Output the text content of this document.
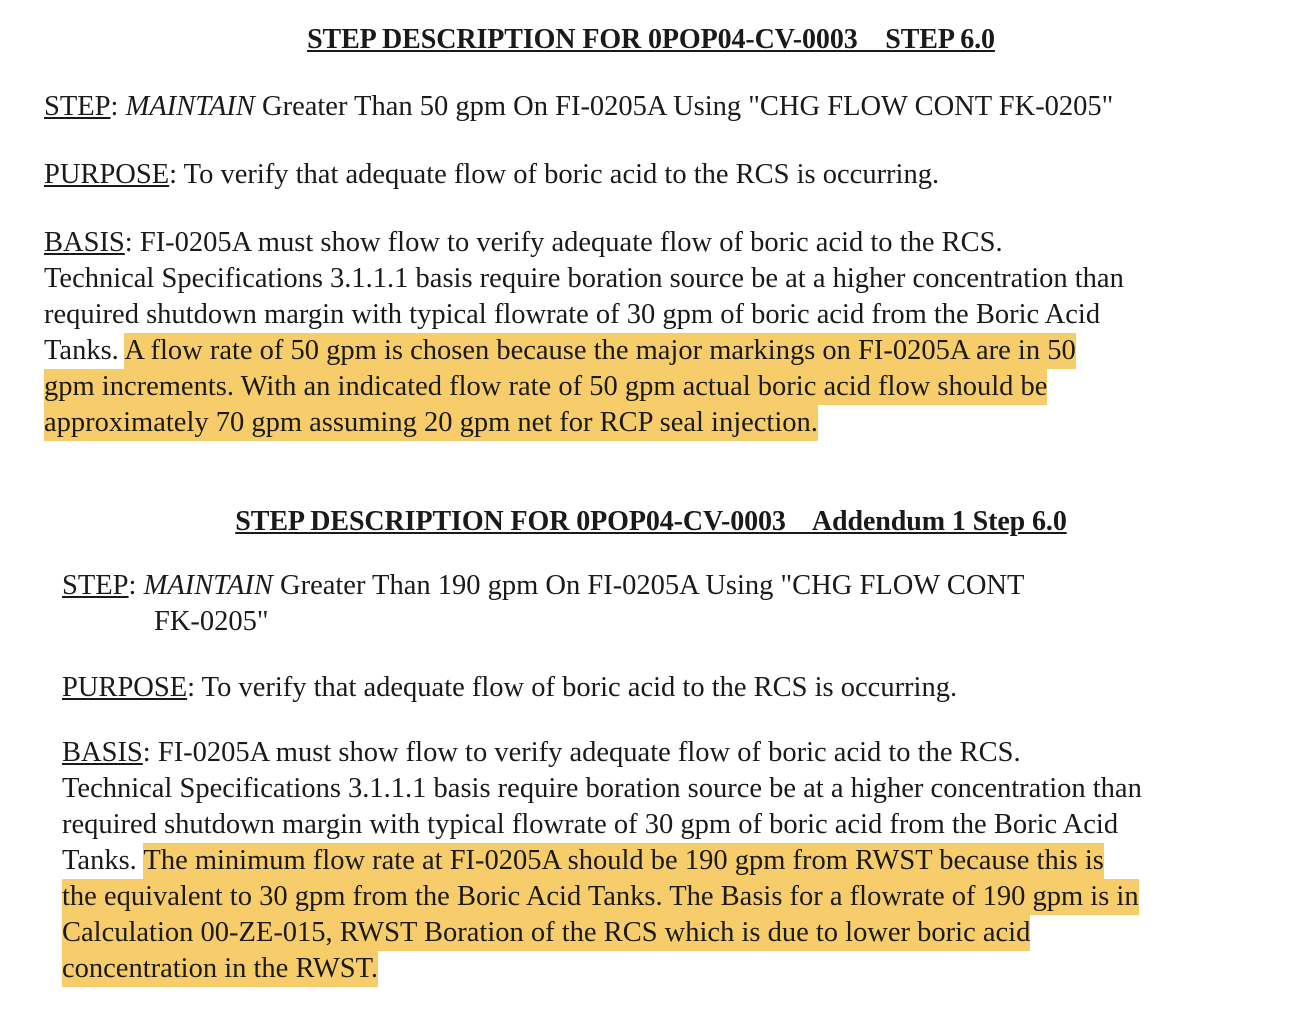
STEP DESCRIPTION FOR 0POP04-CV-0003    STEP 6.0

STEP: MAINTAIN Greater Than 50 gpm On FI-0205A Using "CHG FLOW CONT FK-0205"

PURPOSE: To verify that adequate flow of boric acid to the RCS is occurring.

BASIS: FI-0205A must show flow to verify adequate flow of boric acid to the RCS.
Technical Specifications 3.1.1.1 basis require boration source be at a higher concentration than
required shutdown margin with typical flowrate of 30 gpm of boric acid from the Boric Acid
Tanks. A flow rate of 50 gpm is chosen because the major markings on FI-0205A are in 50
gpm increments. With an indicated flow rate of 50 gpm actual boric acid flow should be
approximately 70 gpm assuming 20 gpm net for RCP seal injection.

STEP DESCRIPTION FOR 0POP04-CV-0003    Addendum 1 Step 6.0

STEP: MAINTAIN Greater Than 190 gpm On FI-0205A Using "CHG FLOW CONT
FK-0205"

PURPOSE: To verify that adequate flow of boric acid to the RCS is occurring.

BASIS: FI-0205A must show flow to verify adequate flow of boric acid to the RCS.
Technical Specifications 3.1.1.1 basis require boration source be at a higher concentration than
required shutdown margin with typical flowrate of 30 gpm of boric acid from the Boric Acid
Tanks. The minimum flow rate at FI-0205A should be 190 gpm from RWST because this is
the equivalent to 30 gpm from the Boric Acid Tanks. The Basis for a flowrate of 190 gpm is in
Calculation 00-ZE-015, RWST Boration of the RCS which is due to lower boric acid
concentration in the RWST.
